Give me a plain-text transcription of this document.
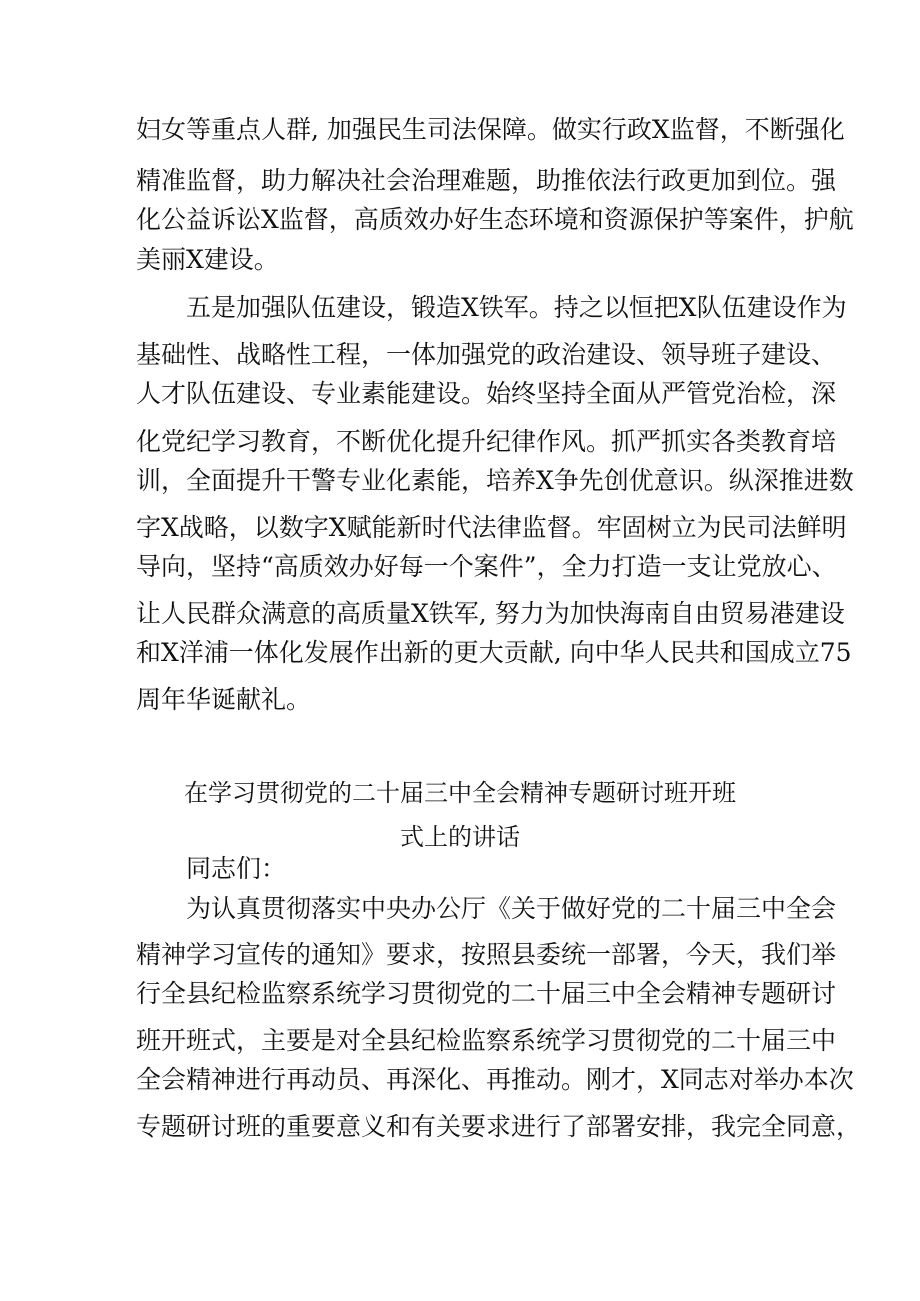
妇女等重点人群, 加强民生司法保障。做实行政X监督，不断强化
精准监督，助力解决社会治理难题，助推依法行政更加到位。强
化公益诉讼X监督，高质效办好生态环境和资源保护等案件，护航
美丽X建设。
五是加强队伍建设，锻造X铁军。持之以恒把X队伍建设作为
基础性、战略性工程，一体加强党的政治建设、领导班子建设、
人才队伍建设、专业素能建设。始终坚持全面从严管党治检，深
化党纪学习教育，不断优化提升纪律作风。抓严抓实各类教育培
训，全面提升干警专业化素能，培养X争先创优意识。纵深推进数
字X战略，以数字X赋能新时代法律监督。牢固树立为民司法鲜明
导向，坚持“高质效办好每一个案件”，全力打造一支让党放心、
让人民群众满意的高质量X铁军, 努力为加快海南自由贸易港建设
和X洋浦一体化发展作出新的更大贡献, 向中华人民共和国成立75
周年华诞献礼。
在学习贯彻党的二十届三中全会精神专题研讨班开班
式上的讲话
同志们：
为认真贯彻落实中央办公厅《关于做好党的二十届三中全会
精神学习宣传的通知》要求，按照县委统一部署，今天，我们举
行全县纪检监察系统学习贯彻党的二十届三中全会精神专题研讨
班开班式，主要是对全县纪检监察系统学习贯彻党的二十届三中
全会精神进行再动员、再深化、再推动。刚才，X同志对举办本次
专题研讨班的重要意义和有关要求进行了部署安排，我完全同意，
